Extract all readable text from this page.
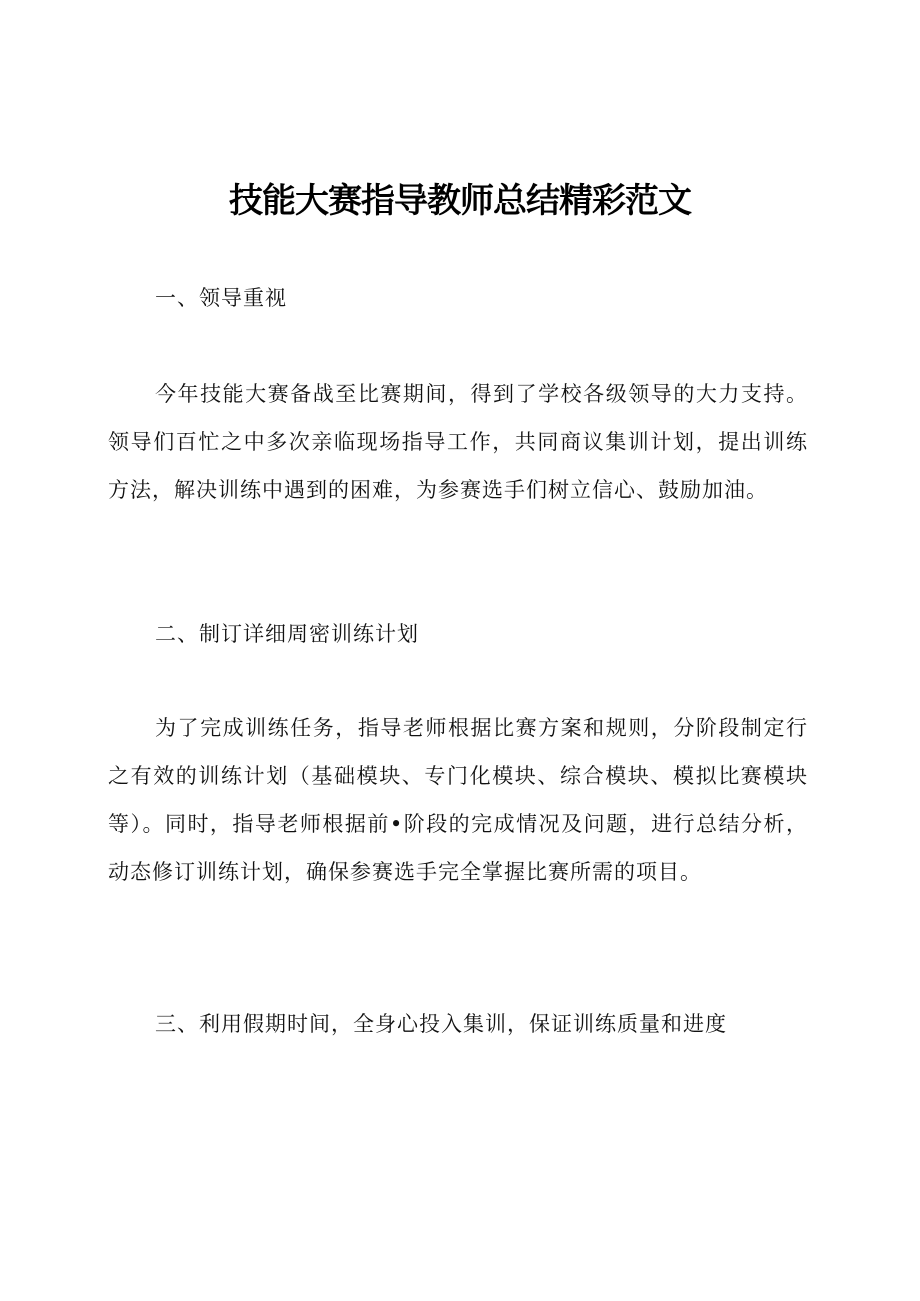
技能大赛指导教师总结精彩范文

一、领导重视

今年技能大赛备战至比赛期间，得到了学校各级领导的大力支持。领导们百忙之中多次亲临现场指导工作，共同商议集训计划，提出训练方法，解决训练中遇到的困难，为参赛选手们树立信心、鼓励加油。

二、制订详细周密训练计划

为了完成训练任务，指导老师根据比赛方案和规则，分阶段制定行之有效的训练计划（基础模块、专门化模块、综合模块、模拟比赛模块等）。同时，指导老师根据前•阶段的完成情况及问题，进行总结分析，动态修订训练计划，确保参赛选手完全掌握比赛所需的项目。

三、利用假期时间，全身心投入集训，保证训练质量和进度
